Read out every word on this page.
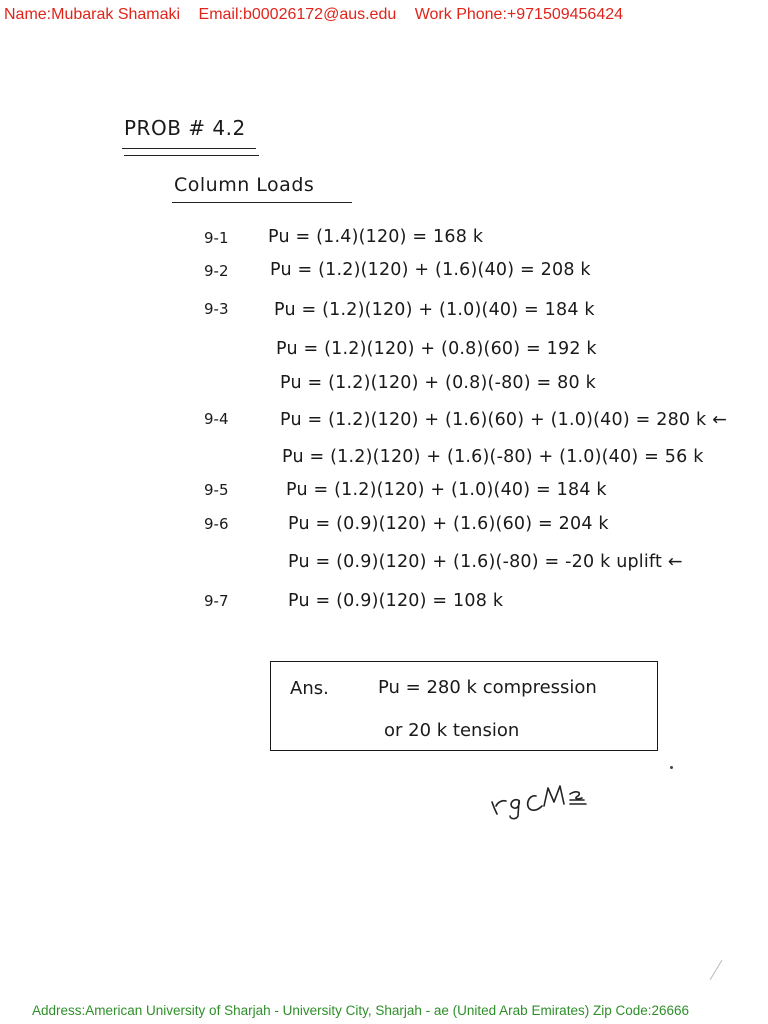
Name:Mubarak Shamaki Email:b00026172@aus.edu Work Phone:+971509456424
PROB # 4.2
Column Loads
9-1
9-2
9-3
9-4
9-5
9-6
9-7
Pu = (1.4)(120) = 168 k
Pu = (1.2)(120) + (1.6)(40) = 208 k
Pu = (1.2)(120) + (1.0)(40) = 184 k
Pu = (1.2)(120) + (0.8)(60) = 192 k
Pu = (1.2)(120) + (0.8)(-80) = 80 k
Pu = (1.2)(120) + (1.6)(60) + (1.0)(40) = 280 k ←
Pu = (1.2)(120) + (1.6)(-80) + (1.0)(40) = 56 k
Pu = (1.2)(120) + (1.0)(40) = 184 k
Pu = (0.9)(120) + (1.6)(60) = 204 k
Pu = (0.9)(120) + (1.6)(-80) = -20 k uplift ←
Pu = (0.9)(120) = 108 k
Ans.	Pu = 280 k compression
or 20 k tension
Address:American University of Sharjah - University City, Sharjah - ae (United Arab Emirates) Zip Code:26666
